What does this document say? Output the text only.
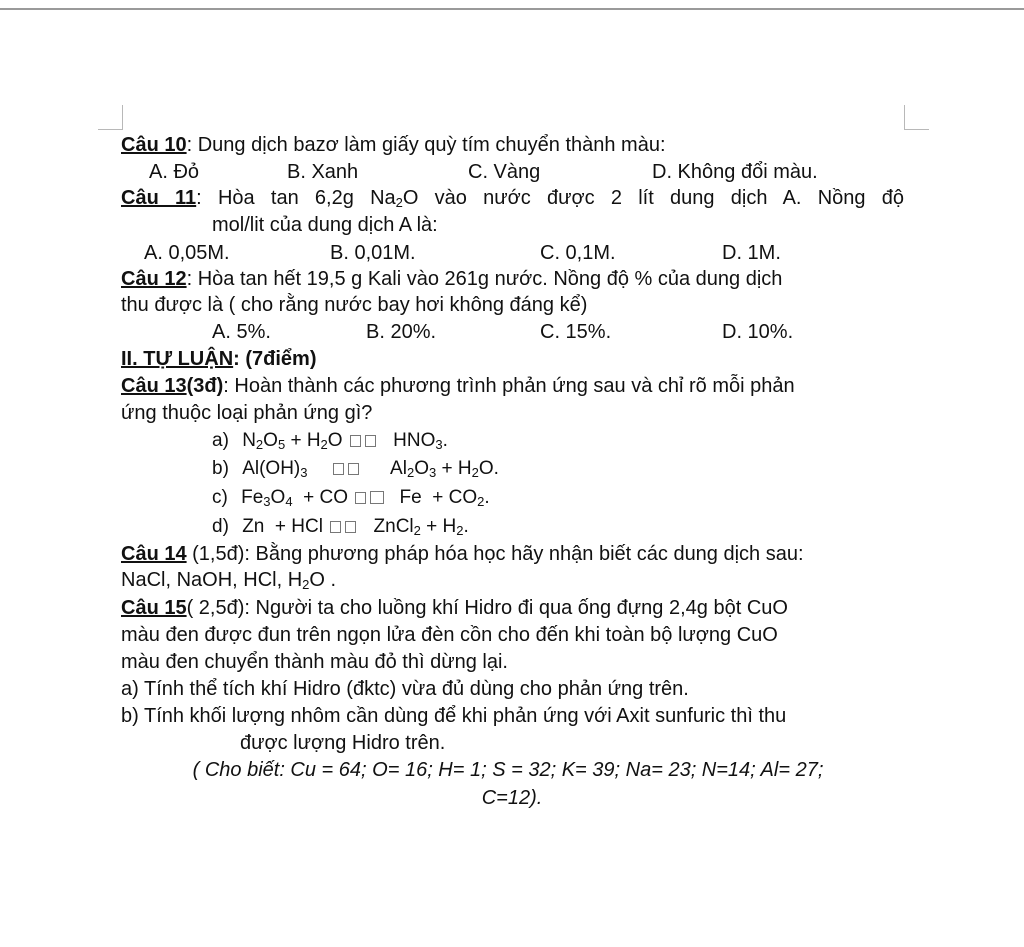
Câu 10: Dung dịch bazơ làm giấy quỳ tím chuyển thành màu:
A. Đỏ	B. Xanh	C. Vàng	D. Không đổi màu.
Câu 11: Hòa tan 6,2g $Na_2O$ vào nước được 2 lít dung dịch A. Nồng độ
mol/lit của dung dịch A là:
A. 0,05M.	B. 0,01M.	C. 0,1M.	D. 1M.
Câu 12: Hòa tan hết 19,5 g Kali vào 261g nước. Nồng độ % của dung dịch
thu được là ( cho rằng nước bay hơi không đáng kể)
A. 5%.	B. 20%.	C. 15%.	D. 10%.
II. TỰ LUẬN: (7điểm)
Câu 13(3đ): Hoàn thành các phương trình phản ứng sau và chỉ rõ mỗi phản
ứng thuộc loại phản ứng gì?
a) $N_2O_5 + H_2O$	$HNO_3$.
b) $Al(OH)_3$	$Al_2O_3 + H_2O$.
c) $Fe_3O_4$  + CO	$Fe + CO_2$.
d) Zn  + HCl	ZnCl$_2$ + $H_2$.
Câu 14 (1,5đ): Bằng phương pháp hóa học hãy nhận biết các dung dịch sau:
NaCl, NaOH, HCl, $H_2O$ .
Câu 15( 2,5đ): Người ta cho luồng khí Hidro đi qua ống đựng 2,4g bột CuO
màu đen được đun trên ngọn lửa đèn cồn cho đến khi toàn bộ lượng CuO
màu đen chuyển thành màu đỏ thì dừng lại.
a) Tính thể tích khí Hidro (đktc) vừa đủ dùng cho phản ứng trên.
b) Tính khối lượng nhôm cần dùng để khi phản ứng với Axit sunfuric thì thu
được lượng Hidro trên.
( Cho biết: Cu = 64; O= 16; H= 1; S = 32; K= 39; Na= 23; N=14; Al= 27;
C=12).
